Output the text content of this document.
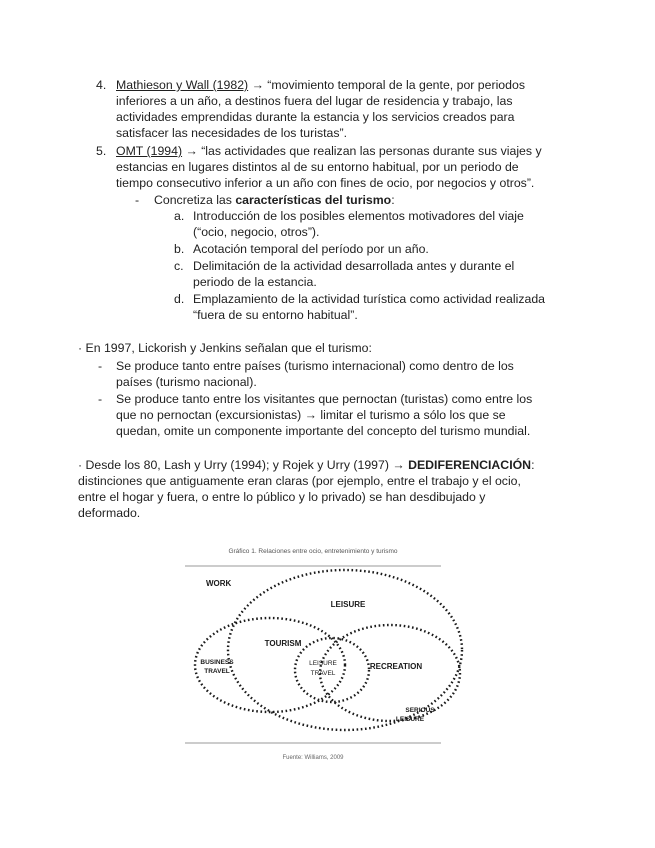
4. Mathieson y Wall (1982) → “movimiento temporal de la gente, por periodos
inferiores a un año, a destinos fuera del lugar de residencia y trabajo, las
actividades emprendidas durante la estancia y los servicios creados para
satisfacer las necesidades de los turistas”.
5. OMT (1994) → “las actividades que realizan las personas durante sus viajes y
estancias en lugares distintos al de su entorno habitual, por un periodo de
tiempo consecutivo inferior a un año con fines de ocio, por negocios y otros”.
- Concretiza las características del turismo:
a. Introducción de los posibles elementos motivadores del viaje
(“ocio, negocio, otros”).
b. Acotación temporal del período por un año.
c. Delimitación de la actividad desarrollada antes y durante el
periodo de la estancia.
d. Emplazamiento de la actividad turística como actividad realizada
“fuera de su entorno habitual”.
· En 1997, Lickorish y Jenkins señalan que el turismo:
- Se produce tanto entre países (turismo internacional) como dentro de los
países (turismo nacional).
- Se produce tanto entre los visitantes que pernoctan (turistas) como entre los
que no pernoctan (excursionistas) → limitar el turismo a sólo los que se
quedan, omite un componente importante del concepto del turismo mundial.
· Desde los 80, Lash y Urry (1994); y Rojek y Urry (1997) → DEDIFERENCIACIÓN:
distinciones que antiguamente eran claras (por ejemplo, entre el trabajo y el ocio,
entre el hogar y fuera, o entre lo público y lo privado) se han desdibujado y
deformado.
Gráfico 1. Relaciones entre ocio, entretenimiento y turismo
WORK
LEISURE
TOURISM
BUSINESS
TRAVEL
LEISURE
TRAVEL
RECREATION
SERIOUS
LEISURE
Fuente: Williams, 2009
